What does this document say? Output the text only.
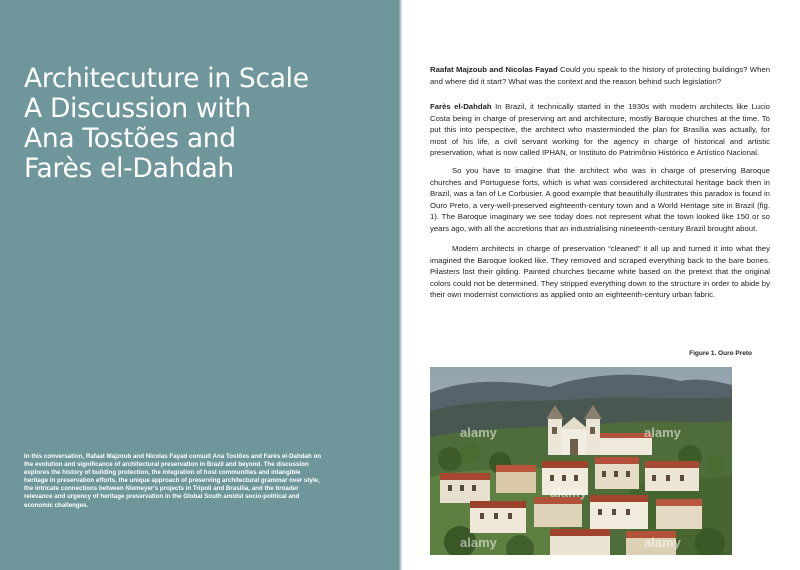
Architecuture in Scale
A Discussion with
Ana Tostões and
Farès el-Dahdah

In this conversation, Rafaat Majzoub and Nicolas Fayad consult Ana Tostões and Farès el-Dahdah on the evolution and significance of architectural preservation in Brazil and beyond. The discussion explores the history of building protection, the integration of host communities and intangible heritage in preservation efforts, the unique approach of preserving architectural grammar over style, the intricate connections between Niemeyer's projects in Tripoli and Brasília, and the broader relevance and urgency of heritage preservation in the Global South amidst socio-political and economic challenges.

Raafat Majzoub and Nicolas Fayad Could you speak to the history of protecting buildings? When and where did it start? What was the context and the reason behind such legislation?

Farès el-Dahdah In Brazil, it technically started in the 1930s with modern architects like Lucio Costa being in charge of preserving art and architecture, mostly Baroque churches at the time. To put this into perspective, the architect who masterminded the plan for Brasília was actually, for most of his life, a civil servant working for the agency in charge of historical and artistic preservation, what is now called IPHAN, or Instituto do Patrimônio Histórico e Artístico Nacional.

So you have to imagine that the architect who was in charge of preserving Baroque churches and Portuguese forts, which is what was considered architectural heritage back then in Brazil, was a fan of Le Corbusier. A good example that beautifully illustrates this paradox is found in Ouro Preto, a very-well-preserved eighteenth-century town and a World Heritage site in Brazil (fig. 1). The Baroque imaginary we see today does not represent what the town looked like 150 or so years ago, with all the accretions that an industrialising nineteenth-century Brazil brought about.

Modern architects in charge of preservation “cleaned” it all up and turned it into what they imagined the Baroque looked like. They removed and scraped everything back to the bare bones. Pilasters lost their gilding. Painted churches became white based on the pretext that the original colors could not be determined. They stripped everything down to the structure in order to abide by their own modernist convictions as applied onto an eighteenth-century urban fabric.

Figure 1. Ouro Preto

alamy	alamy
alamy
alamy	alamy
